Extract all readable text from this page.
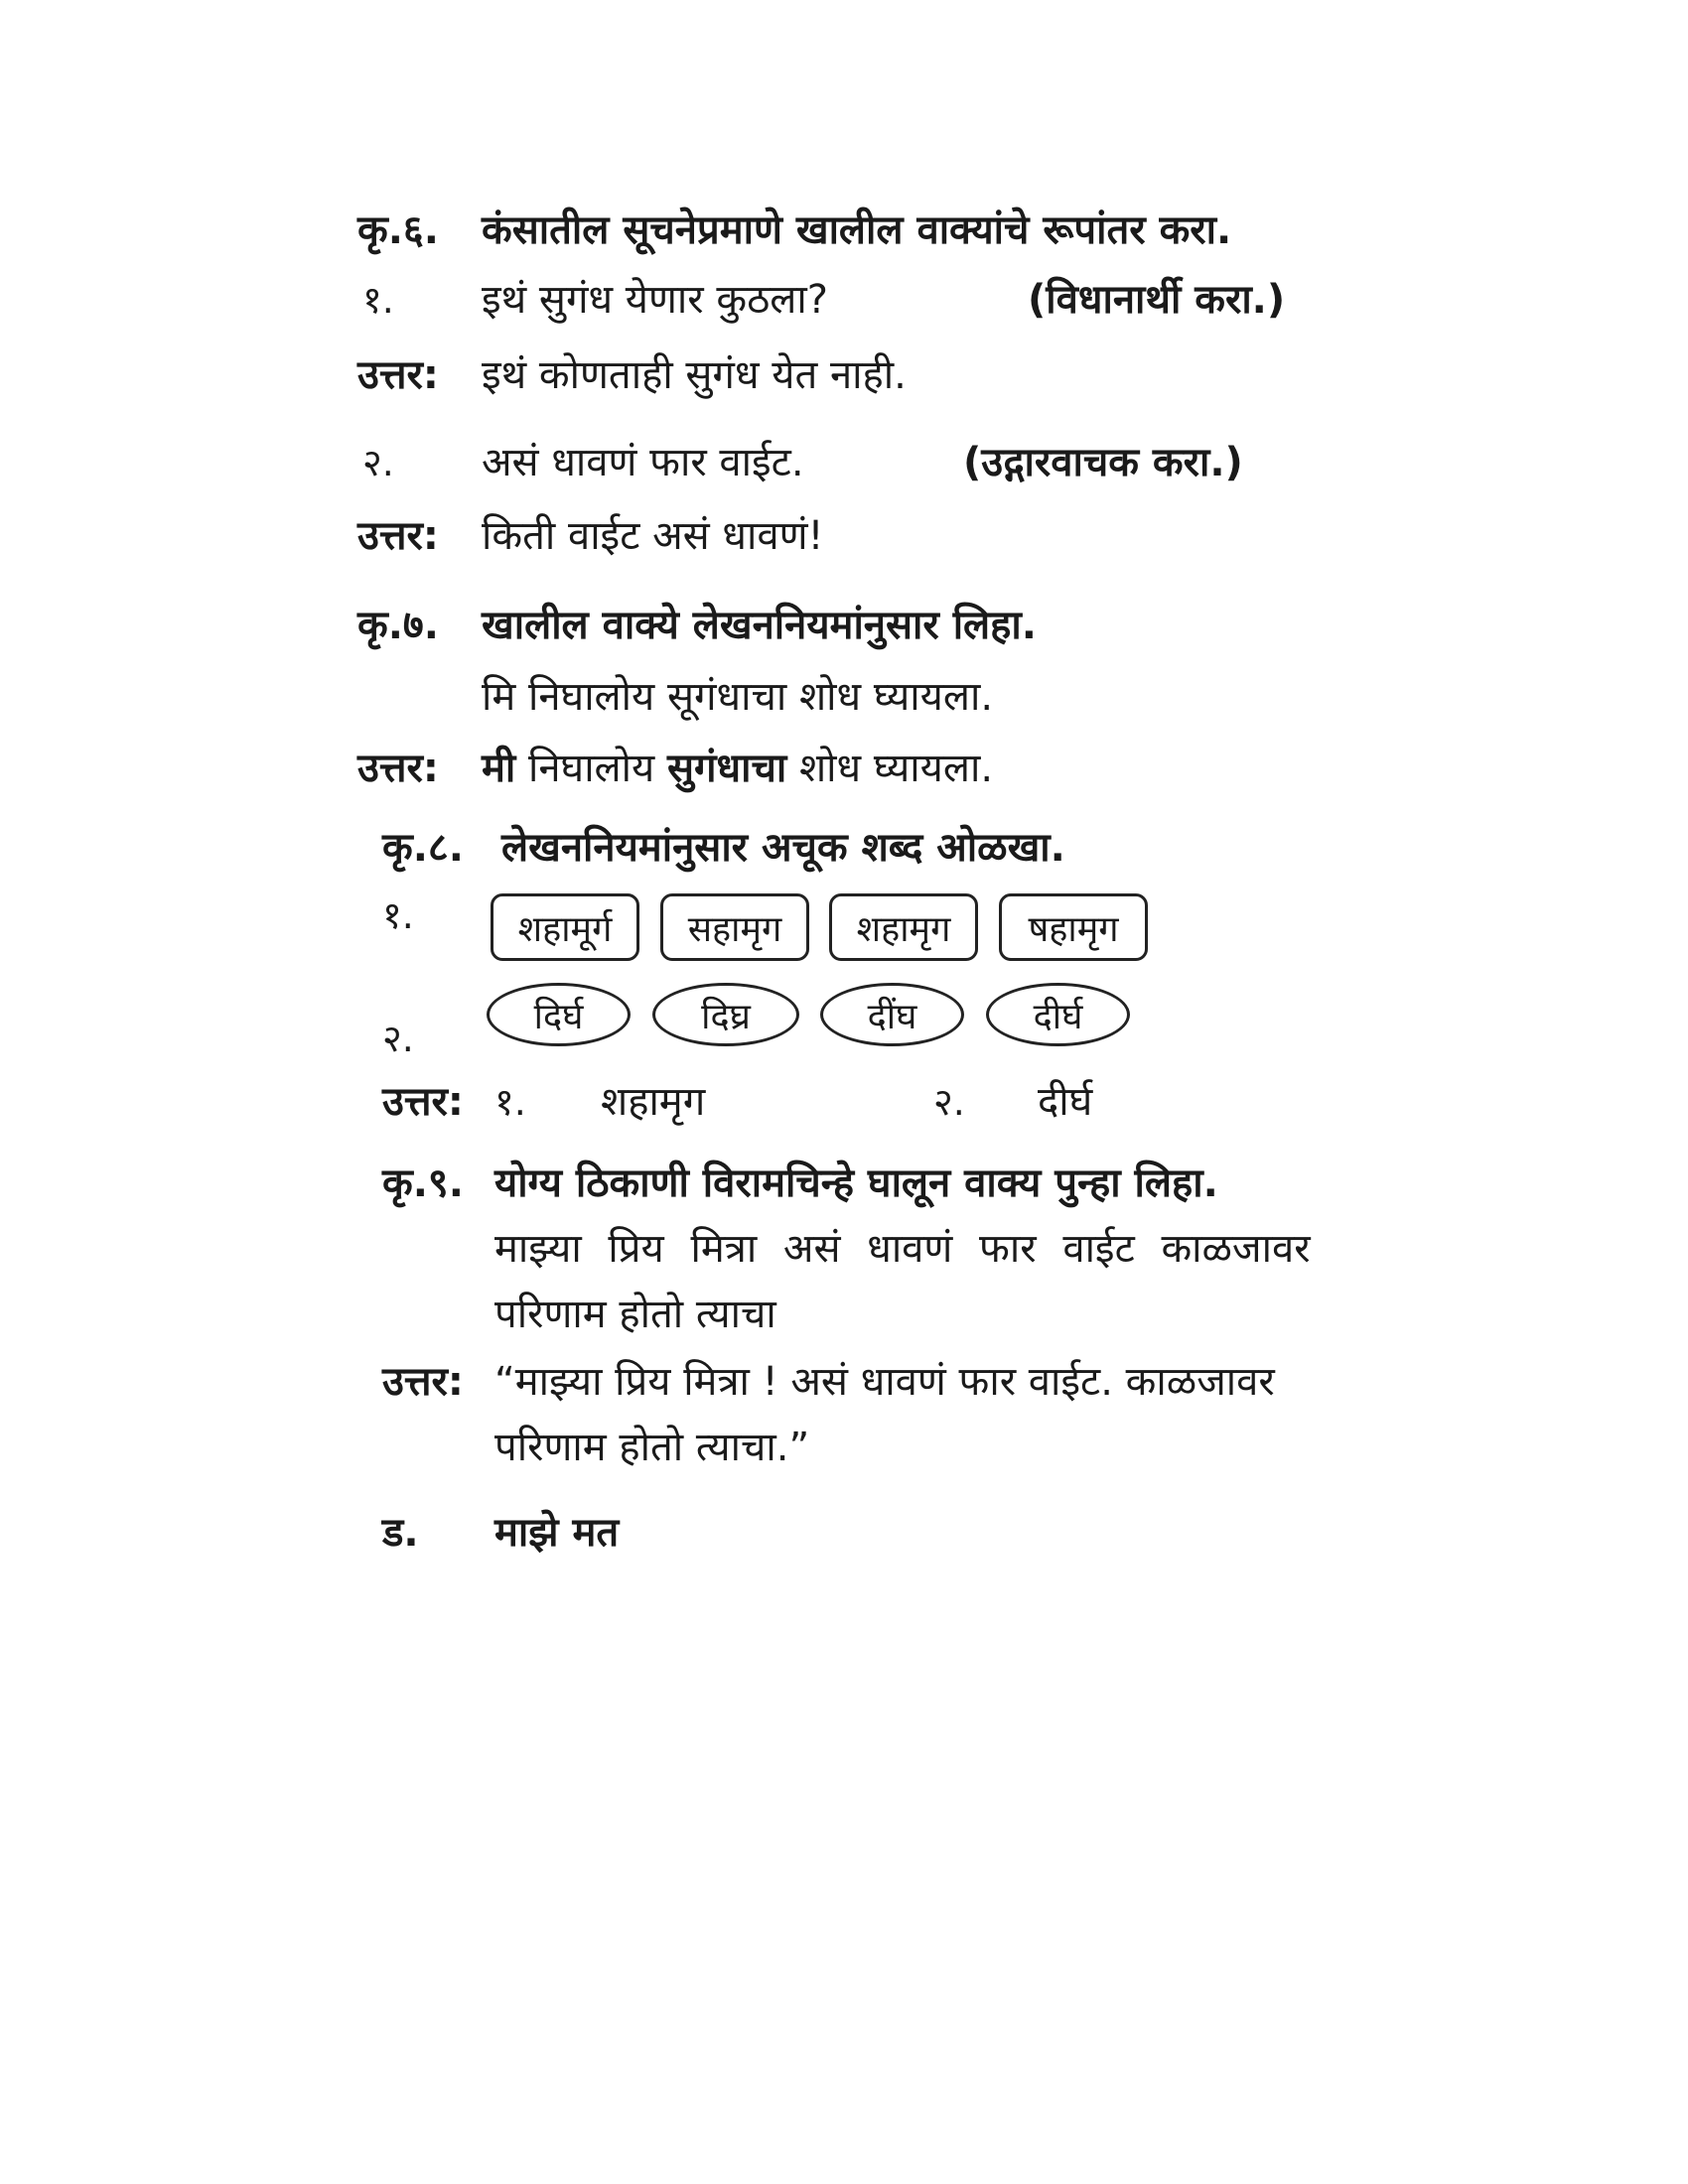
कृ.६. कंसातील सूचनेप्रमाणे खालील वाक्यांचे रूपांतर करा.
१. इथं सुगंध येणार कुठला?	(विधानार्थी करा.)
उत्तर: इथं कोणताही सुगंध येत नाही.
२. असं धावणं फार वाईट.	(उद्गारवाचक करा.)
उत्तर: किती वाईट असं धावणं!
कृ.७. खालील वाक्ये लेखननियमांनुसार लिहा.
मि निघालोय सूगंधाचा शोध घ्यायला.
उत्तर: मी निघालोय सुगंधाचा शोध घ्यायला.
कृ.८. लेखननियमांनुसार अचूक शब्द ओळखा.
१.	शहामूर्ग	सहामृग	शहामृग	षहामृग
२.	दिर्घ	दिघ्र	दींघ	दीर्घ
उत्तर: १. शहामृग	२. दीर्घ
कृ.९. योग्य ठिकाणी विरामचिन्हे घालून वाक्य पुन्हा लिहा.
माझ्या प्रिय मित्रा असं धावणं फार वाईट काळजावर
परिणाम होतो त्याचा
उत्तर: “माझ्या प्रिय मित्रा ! असं धावणं फार वाईट. काळजावर
परिणाम होतो त्याचा.”
ड. माझे मत
